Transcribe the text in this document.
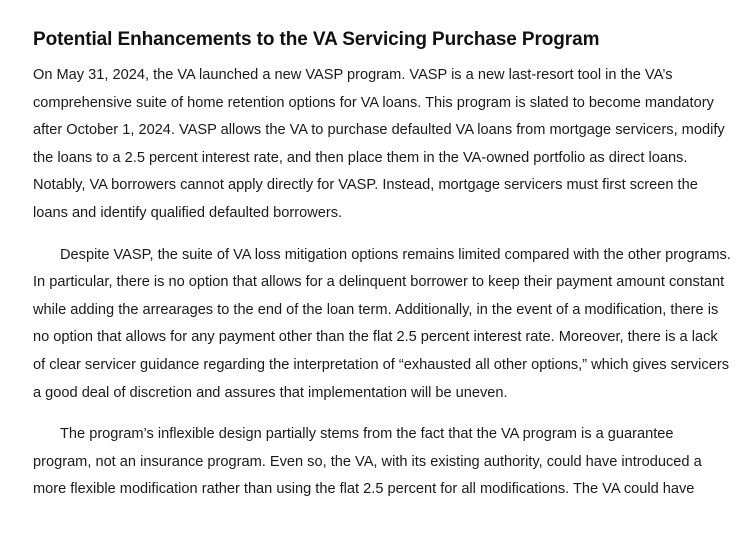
Potential Enhancements to the VA Servicing Purchase Program

On May 31, 2024, the VA launched a new VASP program. VASP is a new last-resort tool in the VA’s comprehensive suite of home retention options for VA loans. This program is slated to become mandatory after October 1, 2024. VASP allows the VA to purchase defaulted VA loans from mortgage servicers, modify the loans to a 2.5 percent interest rate, and then place them in the VA-owned portfolio as direct loans. Notably, VA borrowers cannot apply directly for VASP. Instead, mortgage servicers must first screen the loans and identify qualified defaulted borrowers.

Despite VASP, the suite of VA loss mitigation options remains limited compared with the other programs. In particular, there is no option that allows for a delinquent borrower to keep their payment amount constant while adding the arrearages to the end of the loan term. Additionally, in the event of a modification, there is no option that allows for any payment other than the flat 2.5 percent interest rate. Moreover, there is a lack of clear servicer guidance regarding the interpretation of “exhausted all other options,” which gives servicers a good deal of discretion and assures that implementation will be uneven.

The program’s inflexible design partially stems from the fact that the VA program is a guarantee program, not an insurance program. Even so, the VA, with its existing authority, could have introduced a more flexible modification rather than using the flat 2.5 percent for all modifications. The VA could have
